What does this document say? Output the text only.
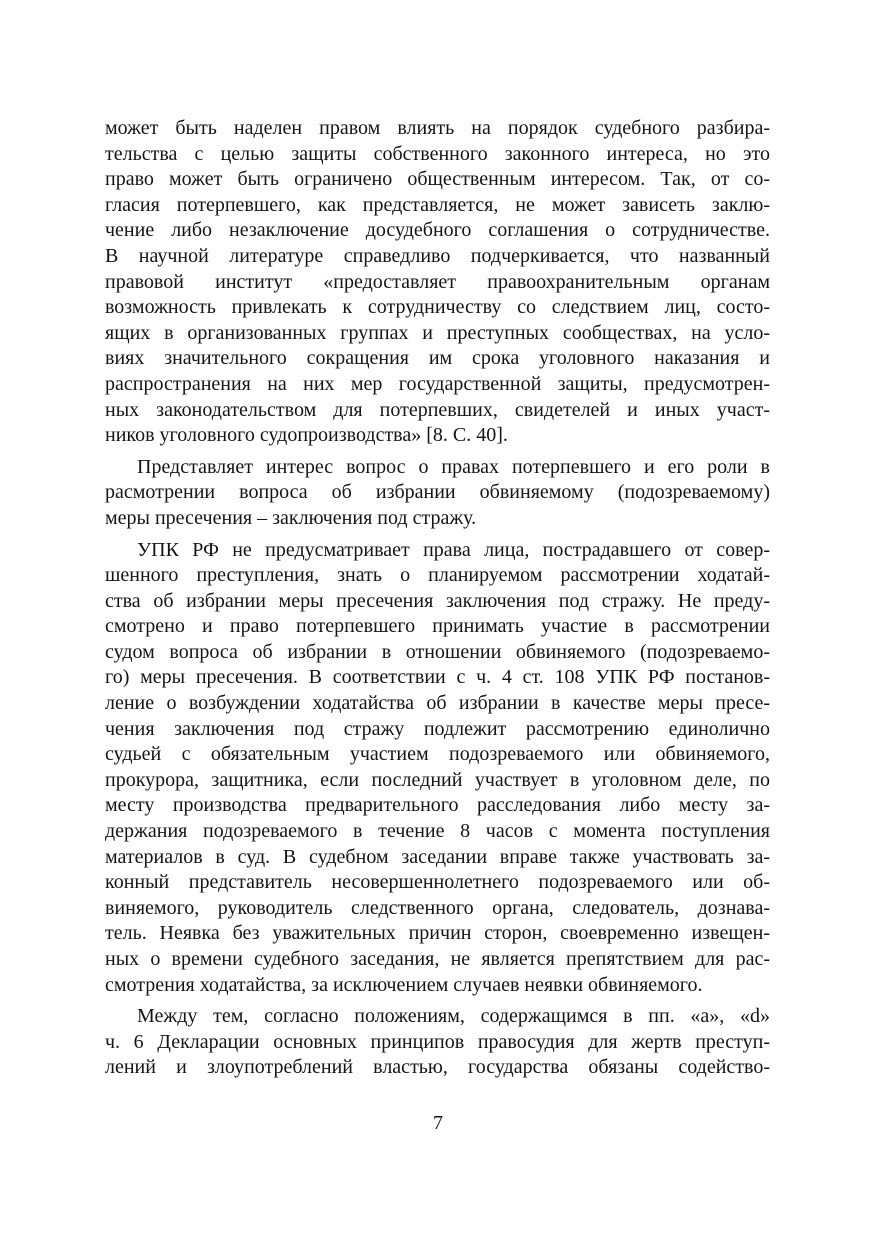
может быть наделен правом влиять на порядок судебного разбира-
тельства с целью защиты собственного законного интереса, но это
право может быть ограничено общественным интересом. Так, от со-
гласия потерпевшего, как представляется, не может зависеть заклю-
чение либо незаключение досудебного соглашения о сотрудничестве.
В научной литературе справедливо подчеркивается, что названный
правовой институт «предоставляет правоохранительным органам
возможность привлекать к сотрудничеству со следствием лиц, состо-
ящих в организованных группах и преступных сообществах, на усло-
виях значительного сокращения им срока уголовного наказания и
распространения на них мер государственной защиты, предусмотрен-
ных законодательством для потерпевших, свидетелей и иных участ-
ников уголовного судопроизводства» [8. С. 40].
Представляет интерес вопрос о правах потерпевшего и его роли в
расмотрении вопроса об избрании обвиняемому (подозреваемому)
меры пресечения – заключения под стражу.
УПК РФ не предусматривает права лица, пострадавшего от совер-
шенного преступления, знать о планируемом рассмотрении ходатай-
ства об избрании меры пресечения заключения под стражу. Не преду-
смотрено и право потерпевшего принимать участие в рассмотрении
судом вопроса об избрании в отношении обвиняемого (подозреваемо-
го) меры пресечения. В соответствии с ч. 4 ст. 108 УПК РФ постанов-
ление о возбуждении ходатайства об избрании в качестве меры пресе-
чения заключения под стражу подлежит рассмотрению единолично
судьей с обязательным участием подозреваемого или обвиняемого,
прокурора, защитника, если последний участвует в уголовном деле, по
месту производства предварительного расследования либо месту за-
держания подозреваемого в течение 8 часов с момента поступления
материалов в суд. В судебном заседании вправе также участвовать за-
конный представитель несовершеннолетнего подозреваемого или об-
виняемого, руководитель следственного органа, следователь, дознава-
тель. Неявка без уважительных причин сторон, своевременно извещен-
ных о времени судебного заседания, не является препятствием для рас-
смотрения ходатайства, за исключением случаев неявки обвиняемого.
Между тем, согласно положениям, содержащимся в пп. «а», «d»
ч. 6 Декларации основных принципов правосудия для жертв преступ-
лений и злоупотреблений властью, государства обязаны содейство-
7
